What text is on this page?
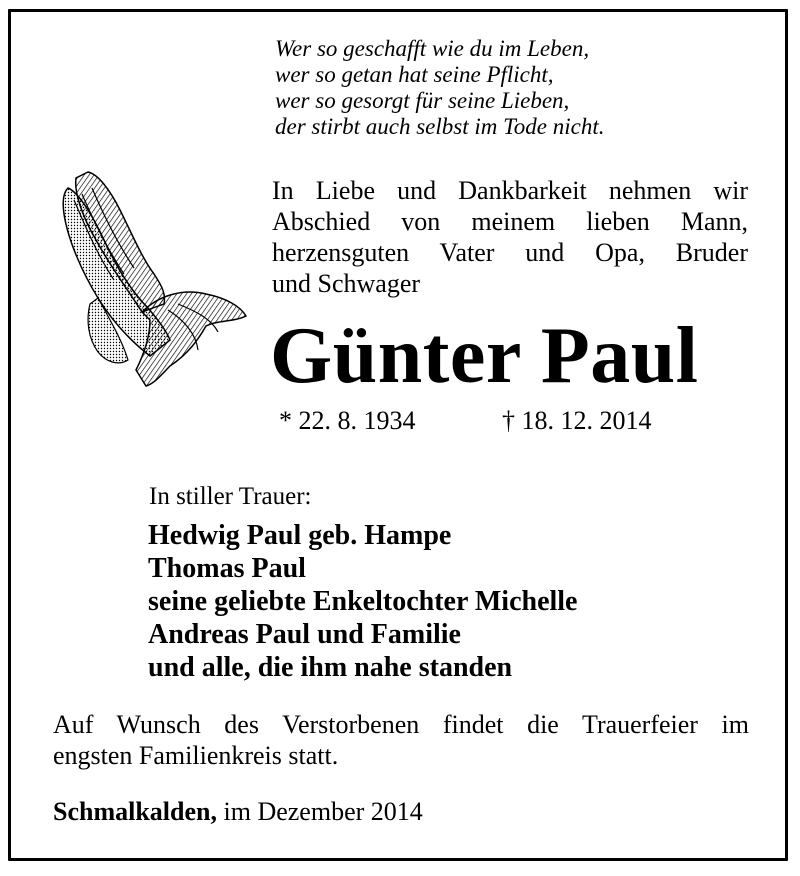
Wer so geschafft wie du im Leben,
wer so getan hat seine Pflicht,
wer so gesorgt für seine Lieben,
der stirbt auch selbst im Tode nicht.
In Liebe und Dankbarkeit nehmen wir
Abschied von meinem lieben Mann,
herzensguten Vater und Opa, Bruder
und Schwager
Günter Paul
* 22. 8. 1934	† 18. 12. 2014
In stiller Trauer:
Hedwig Paul geb. Hampe
Thomas Paul
seine geliebte Enkeltochter Michelle
Andreas Paul und Familie
und alle, die ihm nahe standen
Auf Wunsch des Verstorbenen findet die Trauerfeier im
engsten Familienkreis statt.
Schmalkalden, im Dezember 2014
